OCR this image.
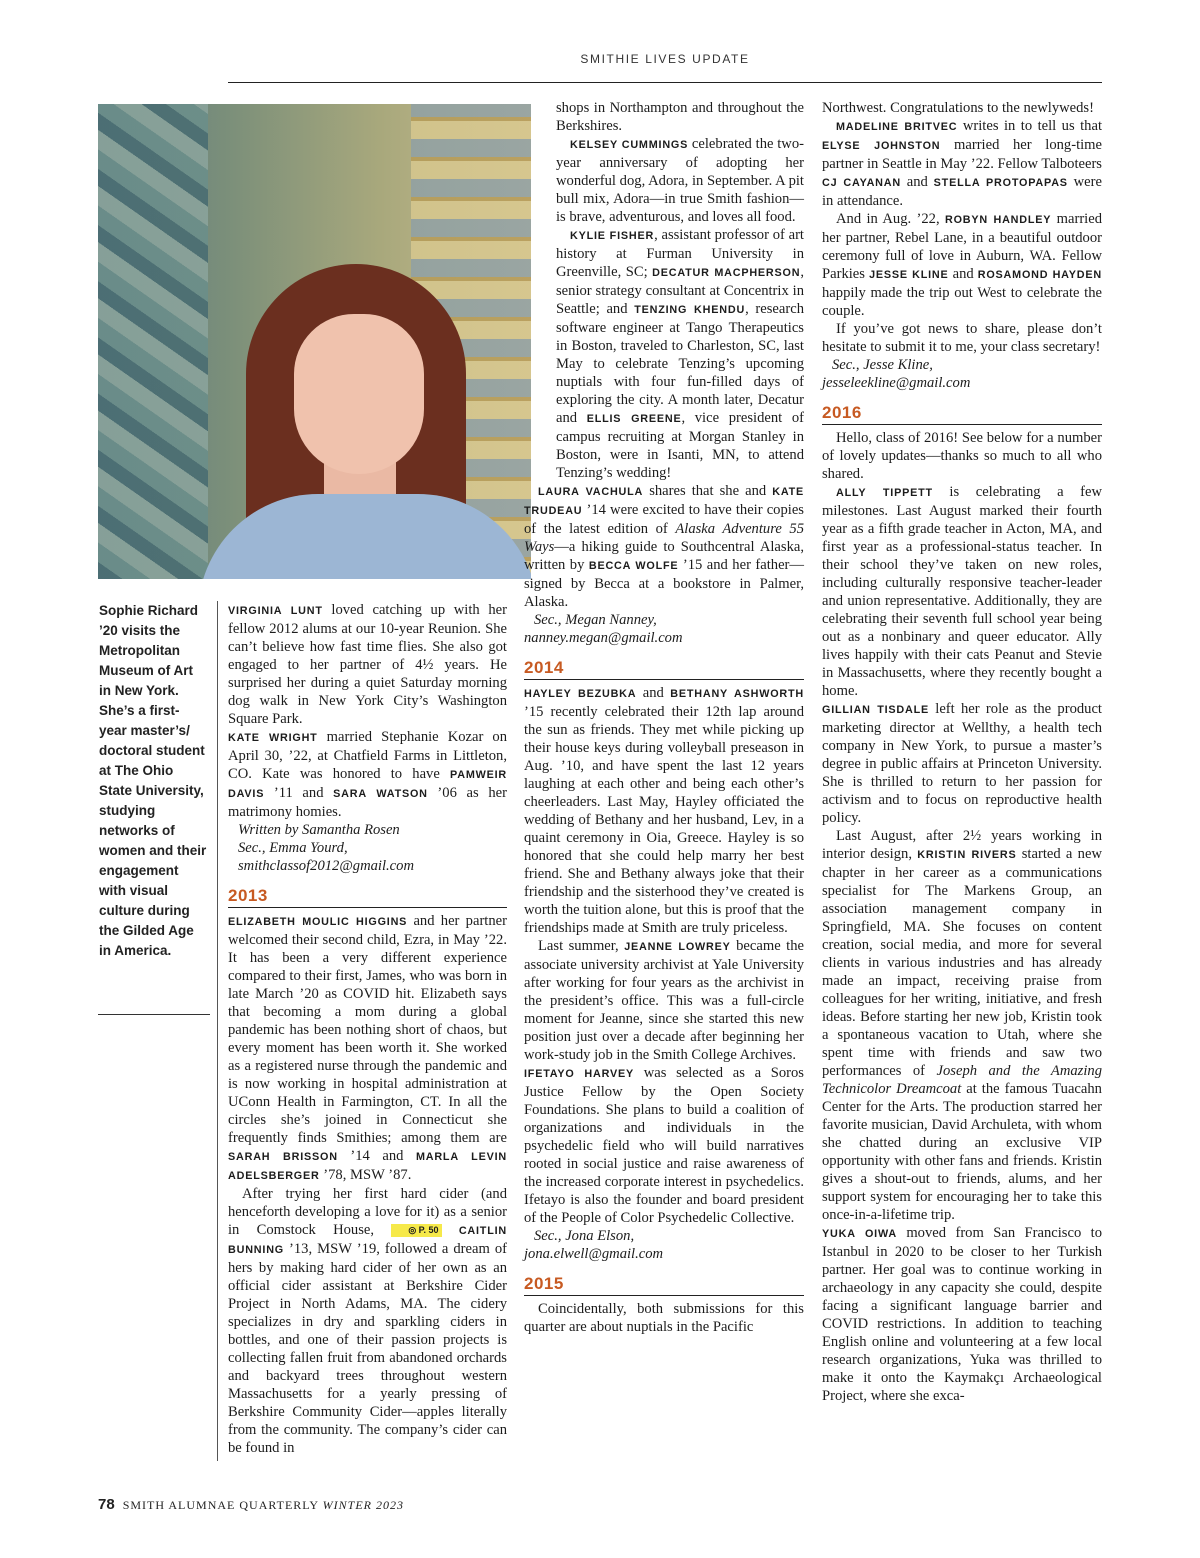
SMITHIE LIVES UPDATE
Sophie Richard ’20 visits the Metropolitan Museum of Art in New York. She’s a first-year master’s/ doctoral student at The Ohio State University, studying networks of women and their engagement with visual culture during the Gilded Age in America.

VIRGINIA LUNT loved catching up with her fellow 2012 alums at our 10-year Reunion. She can’t believe how fast time flies. She also got engaged to her partner of 4½ years. He surprised her during a quiet Saturday morning dog walk in New York City’s Washington Square Park.

KATE WRIGHT married Stephanie Kozar on April 30, ’22, at Chatfield Farms in Littleton, CO. Kate was honored to have PAMWEIR DAVIS ’11 and SARA WATSON ’06 as her matrimony homies.

Written by Samantha Rosen

Sec., Emma Yourd,

smithclassof2012@gmail.com

2013

ELIZABETH MOULIC HIGGINS and her partner welcomed their second child, Ezra, in May ’22. It has been a very different experience compared to their first, James, who was born in late March ’20 as COVID hit. Elizabeth says that becoming a mom during a global pandemic has been nothing short of chaos, but every moment has been worth it. She worked as a registered nurse through the pandemic and is now working in hospital administration at UConn Health in Farmington, CT. In all the circles she’s joined in Connecticut she frequently finds Smithies; among them are SARAH BRISSON ’14 and MARLA LEVIN ADELSBERGER ’78, MSW ’87.

After trying her first hard cider (and henceforth developing a love for it) as a senior in Comstock House, ◎ P. 50 CAITLIN BUNNING ’13, MSW ’19, followed a dream of hers by making hard cider of her own as an official cider assistant at Berkshire Cider Project in North Adams, MA. The cidery specializes in dry and sparkling ciders in bottles, and one of their passion projects is collecting fallen fruit from abandoned orchards and backyard trees throughout western Massachusetts for a yearly pressing of Berkshire Community Cider—apples literally from the community. The company’s cider can be found in

shops in Northampton and throughout the Berkshires.

KELSEY CUMMINGS celebrated the two-year anniversary of adopting her wonderful dog, Adora, in September. A pit bull mix, Adora—in true Smith fashion—is brave, adventurous, and loves all food.

KYLIE FISHER, assistant professor of art history at Furman University in Greenville, SC; DECATUR MACPHERSON, senior strategy consultant at Concentrix in Seattle; and TENZING KHENDU, research software engineer at Tango Therapeutics in Boston, traveled to Charleston, SC, last May to celebrate Tenzing’s upcoming nuptials with four fun-filled days of exploring the city. A month later, Decatur and ELLIS GREENE, vice president of campus recruiting at Morgan Stanley in Boston, were in Isanti, MN, to attend Tenzing’s wedding!

LAURA VACHULA shares that she and KATE TRUDEAU ’14 were excited to have their copies of the latest edition of Alaska Adventure 55 Ways—a hiking guide to Southcentral Alaska, written by BECCA WOLFE ’15 and her father—signed by Becca at a bookstore in Palmer, Alaska.

Sec., Megan Nanney,

nanney.megan@gmail.com

2014

HAYLEY BEZUBKA and BETHANY ASHWORTH ’15 recently celebrated their 12th lap around the sun as friends. They met while picking up their house keys during volleyball preseason in Aug. ’10, and have spent the last 12 years laughing at each other and being each other’s cheerleaders. Last May, Hayley officiated the wedding of Bethany and her husband, Lev, in a quaint ceremony in Oia, Greece. Hayley is so honored that she could help marry her best friend. She and Bethany always joke that their friendship and the sisterhood they’ve created is worth the tuition alone, but this is proof that the friendships made at Smith are truly priceless.

Last summer, JEANNE LOWREY became the associate university archivist at Yale University after working for four years as the archivist in the president’s office. This was a full-circle moment for Jeanne, since she started this new position just over a decade after beginning her work-study job in the Smith College Archives.

IFETAYO HARVEY was selected as a Soros Justice Fellow by the Open Society Foundations. She plans to build a coalition of organizations and individuals in the psychedelic field who will build narratives rooted in social justice and raise awareness of the increased corporate interest in psychedelics. Ifetayo is also the founder and board president of the People of Color Psychedelic Collective.

Sec., Jona Elson,

jona.elwell@gmail.com

2015

Coincidentally, both submissions for this quarter are about nuptials in the Pacific

Northwest. Congratulations to the newlyweds!

MADELINE BRITVEC writes in to tell us that ELYSE JOHNSTON married her long-time partner in Seattle in May ’22. Fellow Talboteers CJ CAYANAN and STELLA PROTOPAPAS were in attendance.

And in Aug. ’22, ROBYN HANDLEY married her partner, Rebel Lane, in a beautiful outdoor ceremony full of love in Auburn, WA. Fellow Parkies JESSE KLINE and ROSAMOND HAYDEN happily made the trip out West to celebrate the couple.

If you’ve got news to share, please don’t hesitate to submit it to me, your class secretary!

Sec., Jesse Kline,

jesseleekline@gmail.com

2016

Hello, class of 2016! See below for a number of lovely updates—thanks so much to all who shared.

ALLY TIPPETT is celebrating a few milestones. Last August marked their fourth year as a fifth grade teacher in Acton, MA, and first year as a professional-status teacher. In their school they’ve taken on new roles, including culturally responsive teacher-leader and union representative. Additionally, they are celebrating their seventh full school year being out as a nonbinary and queer educator. Ally lives happily with their cats Peanut and Stevie in Massachusetts, where they recently bought a home.

GILLIAN TISDALE left her role as the product marketing director at Wellthy, a health tech company in New York, to pursue a master’s degree in public affairs at Princeton University. She is thrilled to return to her passion for activism and to focus on reproductive health policy.

Last August, after 2½ years working in interior design, KRISTIN RIVERS started a new chapter in her career as a communications specialist for The Markens Group, an association management company in Springfield, MA. She focuses on content creation, social media, and more for several clients in various industries and has already made an impact, receiving praise from colleagues for her writing, initiative, and fresh ideas. Before starting her new job, Kristin took a spontaneous vacation to Utah, where she spent time with friends and saw two performances of Joseph and the Amazing Technicolor Dreamcoat at the famous Tuacahn Center for the Arts. The production starred her favorite musician, David Archuleta, with whom she chatted during an exclusive VIP opportunity with other fans and friends. Kristin gives a shout-out to friends, alums, and her support system for encouraging her to take this once-in-a-lifetime trip.

YUKA OIWA moved from San Francisco to Istanbul in 2020 to be closer to her Turkish partner. Her goal was to continue working in archaeology in any capacity she could, despite facing a significant language barrier and COVID restrictions. In addition to teaching English online and volunteering at a few local research organizations, Yuka was thrilled to make it onto the Kaymakçı Archaeological Project, where she exca-

78 SMITH ALUMNAE QUARTERLY WINTER 2023
